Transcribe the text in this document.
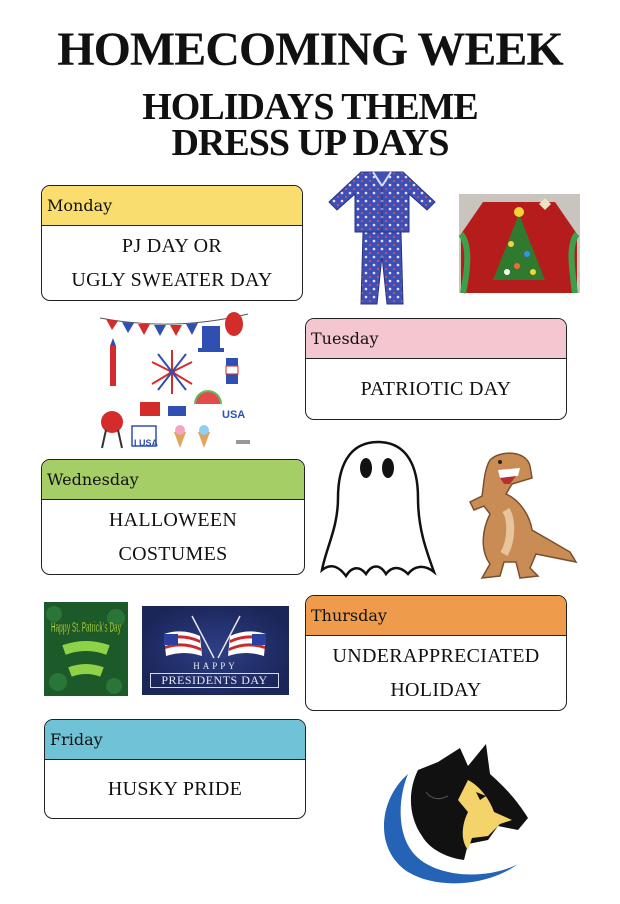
HOMECOMING WEEK
HOLIDAYS THEME
DRESS UP DAYS
Monday
PJ DAY OR
UGLY SWEATER DAY
USA
I USA
Tuesday
PATRIOTIC DAY
Wednesday
HALLOWEEN
COSTUMES
Happy St. Patrick's Day
HAPPY
PRESIDENTS DAY
Thursday
UNDERAPPRECIATED
HOLIDAY
Friday
HUSKY PRIDE
